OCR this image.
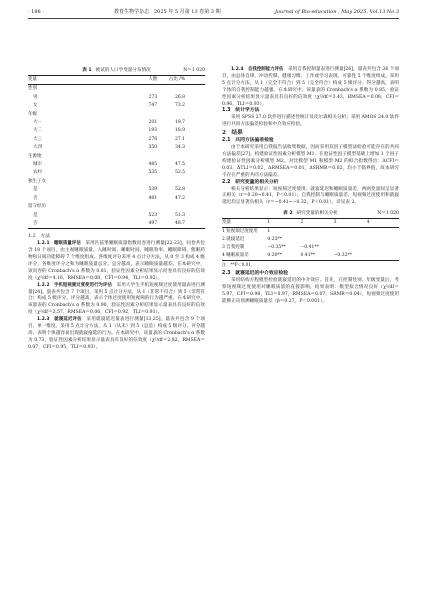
· 188 ·	教育生物学杂志　2025 年 5 月第 13 卷第 3 期	Journal of Bio-education , May 2025, Vol.13 No.3
表 1 被试的人口学变量分布情况	N＝1 020
变量	人数	占比 /%
性别		
男	273	26.8
女	747	73.2
年级		
大一	201	19.7
大二	193	18.9
大三	276	27.1
大四	350	34.3
生源地		
城市	485	47.5
农村	535	52.5
独生子女		
是	539	52.8
否	481	47.2
留守经历		
是	523	51.3
否	497	48.7
1.2　方法

1.2.1　睡眠质量评估　 采用匹兹堡睡眠质量指数问卷进行测量[22-23]。问卷共包含 18 个项目，由主观睡眠质量、入睡时间、睡眠时间、睡眠效率、睡眠障碍、催眠药物和日间功能障碍 7 个维度组成。各维度评分采用 4 点计分方法，从 0 至 3 构成 4 级评分，各维度评分之和为睡眠质量总分。总分越高，表示睡眠质量越差。在本研究中，该问卷的 Cronbach's α 系数为 0.81，验证性因素分析结果显示问卷具有良好的信效度（χ²/df＝4.16，RMSEA＝0.08，CFI＝0.94，TLI＝0.92）。

1.2.2　手机短视频过度使用行为评估　 采用大学生手机短视频过度使用量表进行测量[24]。量表共包含 7 个项目，采用 5 点计分方法，从 1（非常不符合）到 5（非常符合）构成 5 级评分。评分越高，表示个体过度使用短视频的行为越严重。在本研究中，该量表的 Cronbach's α 系数为 0.90，验证性因素分析结果显示量表具有良好的信效度（χ²/df＝3.57，RMSEA＝0.06，CFI＝0.92，TLI＝0.91）。

1.2.3　就寝延迟评估　 采用就寝延迟量表进行测量[13,25]。量表共包含 9 个项目，单一维度。采用 5 点计分方法，从 1（从未）到 5（总是）构成 5 级评分。评分越高，表明个体越容易出现就寝拖延的行为。在本研究中，该量表的 Cronbach's α 系数为 0.73，验证性因素分析结果显示量表具有良好的信效度（χ²/df＝2.82，RMSEA＝0.07，CFI＝0.95，TLI＝0.93）。

1.2.4　自我控制能力评估　 采用自我控制量表进行测量[26]。量表共包含 36 个项目，由总体自律、冲动控制、健康习惯、工作或学习表现、可靠性 5 个维度组成。采用 5 点计分方法，从 1（完全不符合）到 5（完全符合）构成 5 级评分。得分越高，表明个体的自我控制能力越强。在本研究中，该量表的 Cronbach's α 系数为 0.85，验证性因素分析结果显示量表具有良好的信效度（χ²/df＝3.43，RMSEA＝0.08，CFI＝0.96，TLI＝0.93）。

1.3　统计学方法

采用 SPSS 27.0 软件进行描述性统计及皮尔森相关分析；采用 AMOS 24.0 软件进行共同方法偏差检验和中介效应检验。

2　结果
2.1　共同方法偏差检验

由于本研究采用自我报告法收集数据，因而采用双因子模型法检验可能存在的共同方法偏差[27]。构建验证性因素分析模型 M1，在验证性因子模型基础上增加 1 个因子构建验证性因素分析模型 M2。对比模型 M1 和模型 M2 的拟合指数得出：ΔCFI＝0.03，ΔTLI＝0.02，ΔRMSEA＝0.01，ΔSRMR＝0.02，均小于临界值，故本研究不存在严重的共同方法偏差。

2.2　研究变量的相关分析

相关分析结果显示：短视频过度使用、就寝延迟和睡眠质量差，两两变量间呈显著正相关（r＝0.20~0.41，P＜0.01）；自我控制与睡眠质量差、短视频过度使用和就寝延迟均呈显著负相关（r＝−0.41~−0.32，P＜0.01）。详见表 2。

表 2 研究变量的相关分析	N＝1 020
变量	1	2	3	4
1 短视频过度使用	1			
2 就寝延迟	0.25**			
3 自我控制	−0.35**	−0.41**		
4 睡眠质量差	0.20**	0.41**	−0.32**	
注：**P＜0.01。
2.3　就寝延迟的中介效应检验

采用结构方程模型检验就寝延迟的中介效应。首先，在控制性别、年级变量后，考察短视频过度使用对睡眠质量的直接影响。结果表明：模型拟合情况良好（χ²/df＝5.97，CFI＝0.98，TLI＝0.97，RMSEA＝0.07，SRMR＝0.04），短视频过度使用能够正向预测睡眠质量差（β＝0.27，P＜0.001）。
